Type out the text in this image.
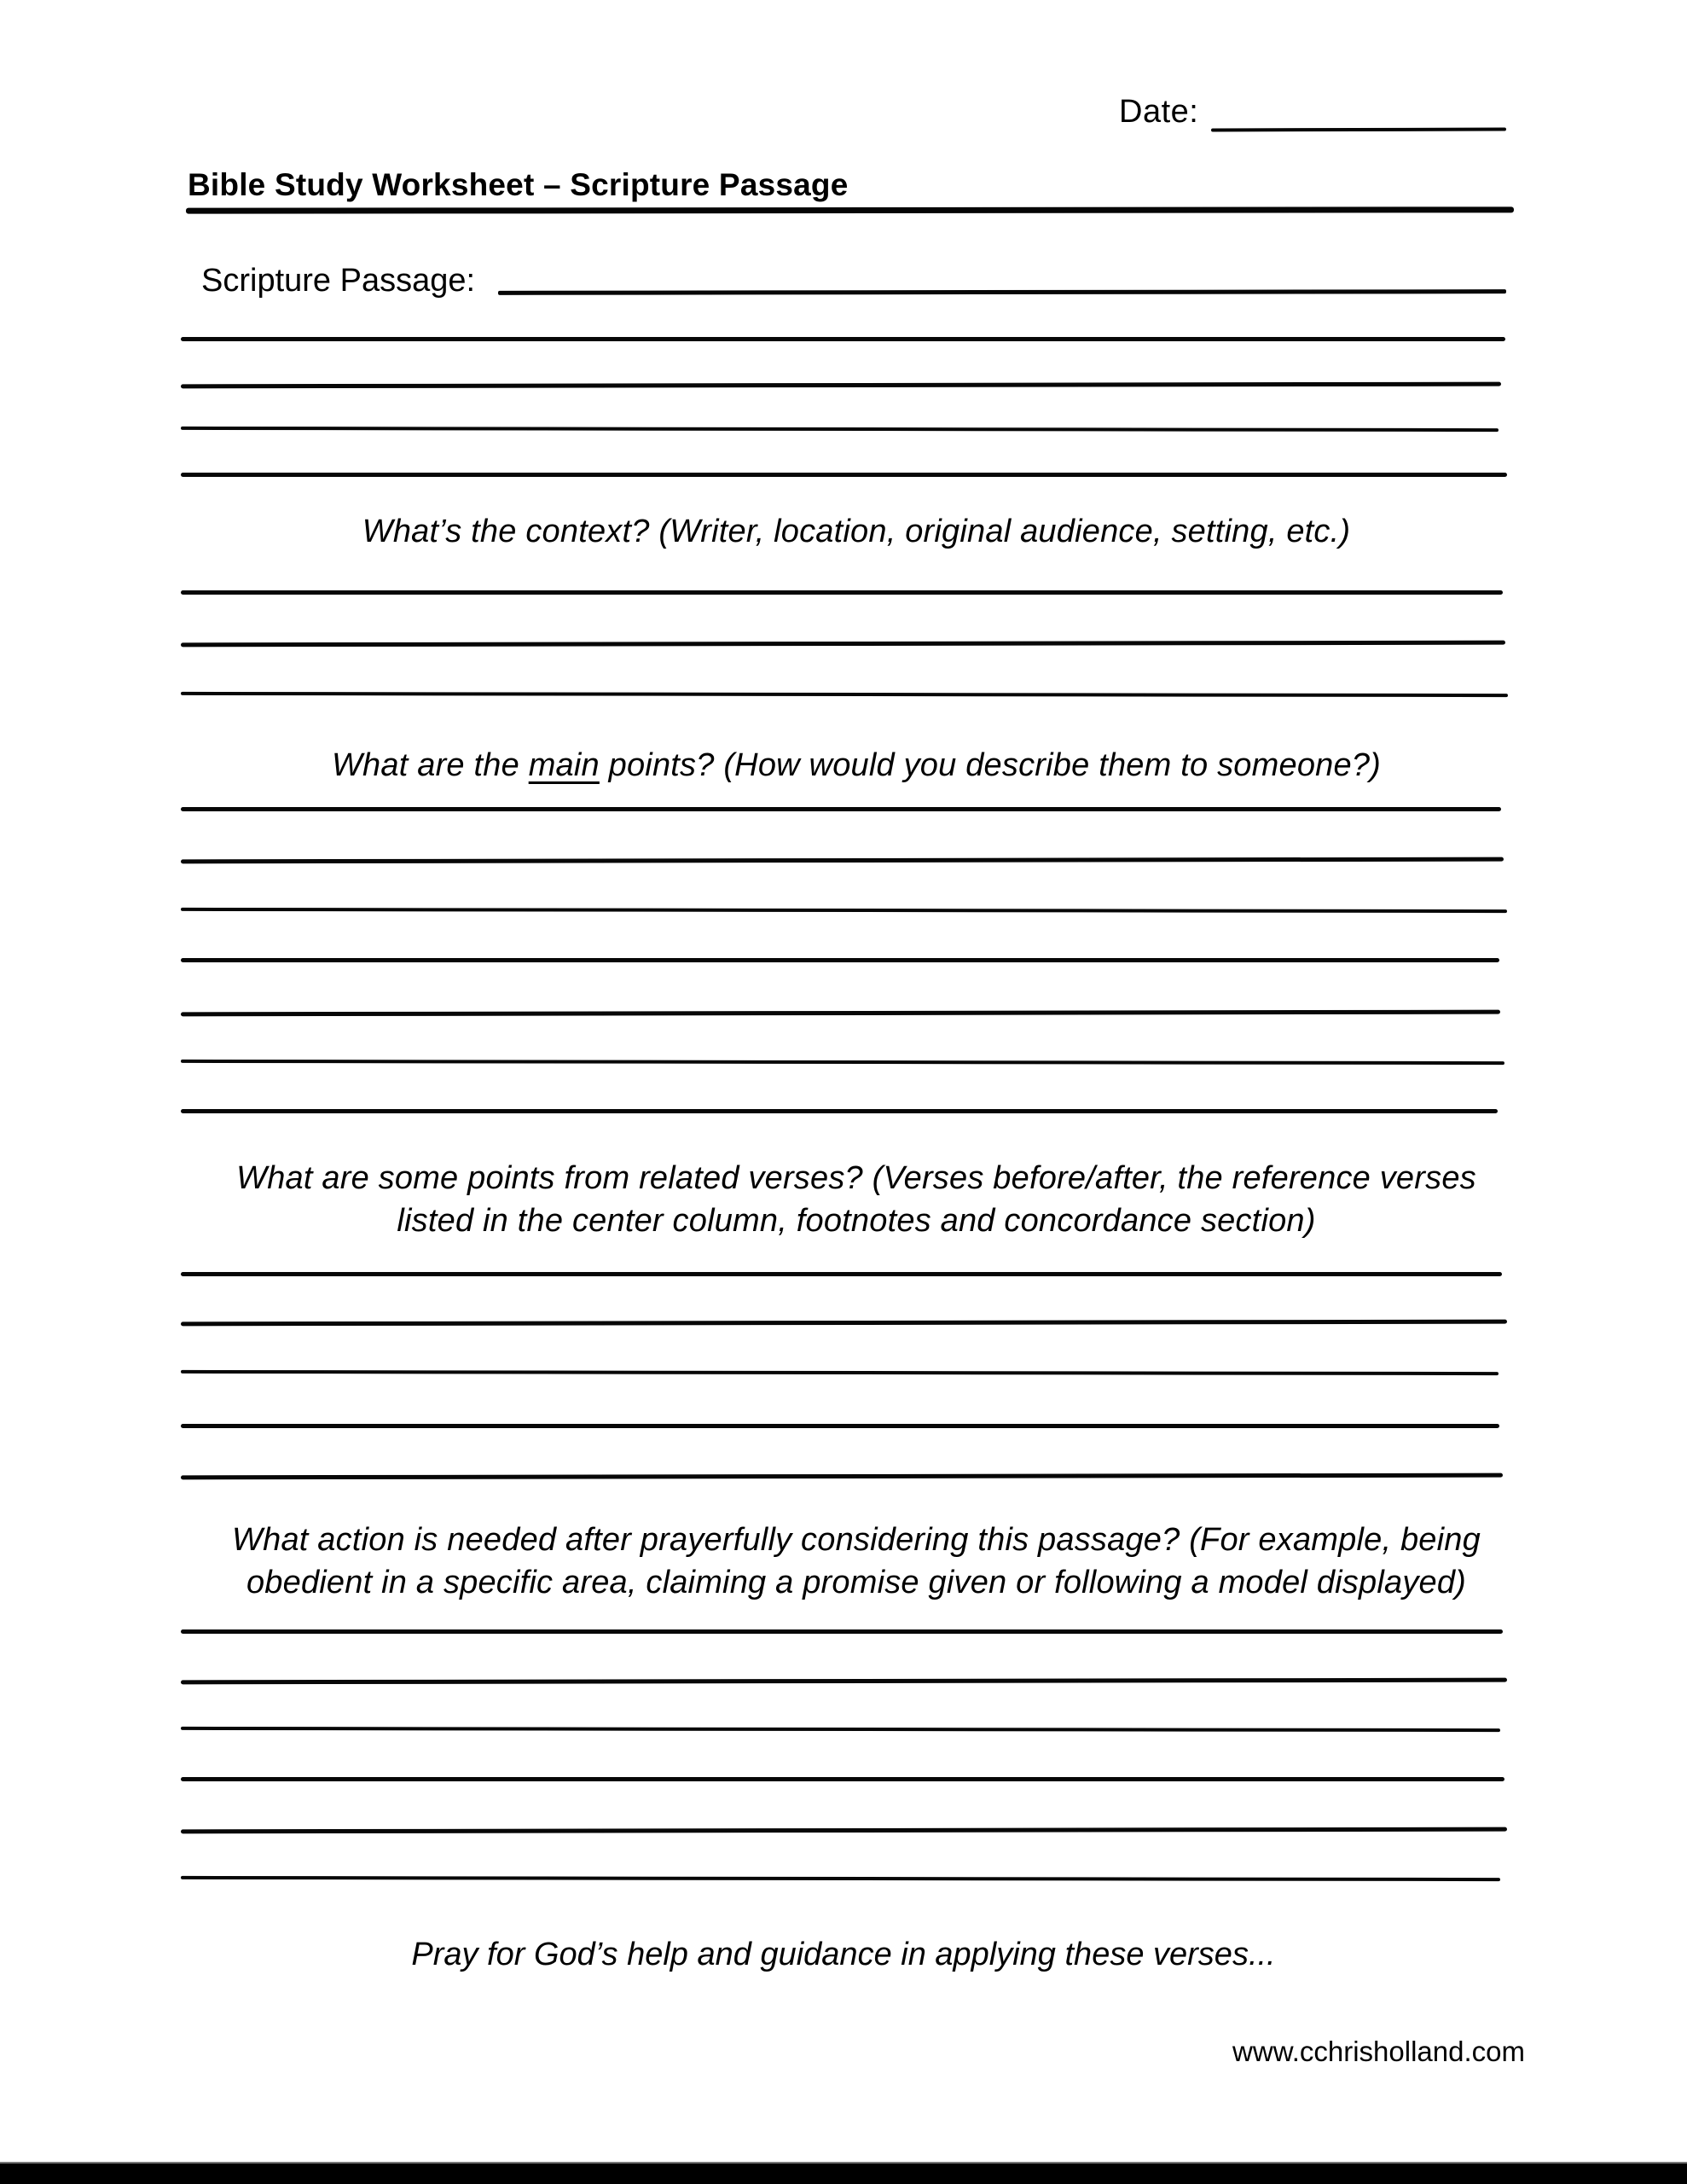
Date:
Bible Study Worksheet – Scripture Passage
Scripture Passage:
What’s the context? (Writer, location, original audience, setting, etc.)
What are the main points? (How would you describe them to someone?)
What are some points from related verses? (Verses before/after, the reference verses
listed in the center column, footnotes and concordance section)
What action is needed after prayerfully considering this passage? (For example, being
obedient in a specific area, claiming a promise given or following a model displayed)
Pray for God’s help and guidance in applying these verses...
www.cchrisholland.com
